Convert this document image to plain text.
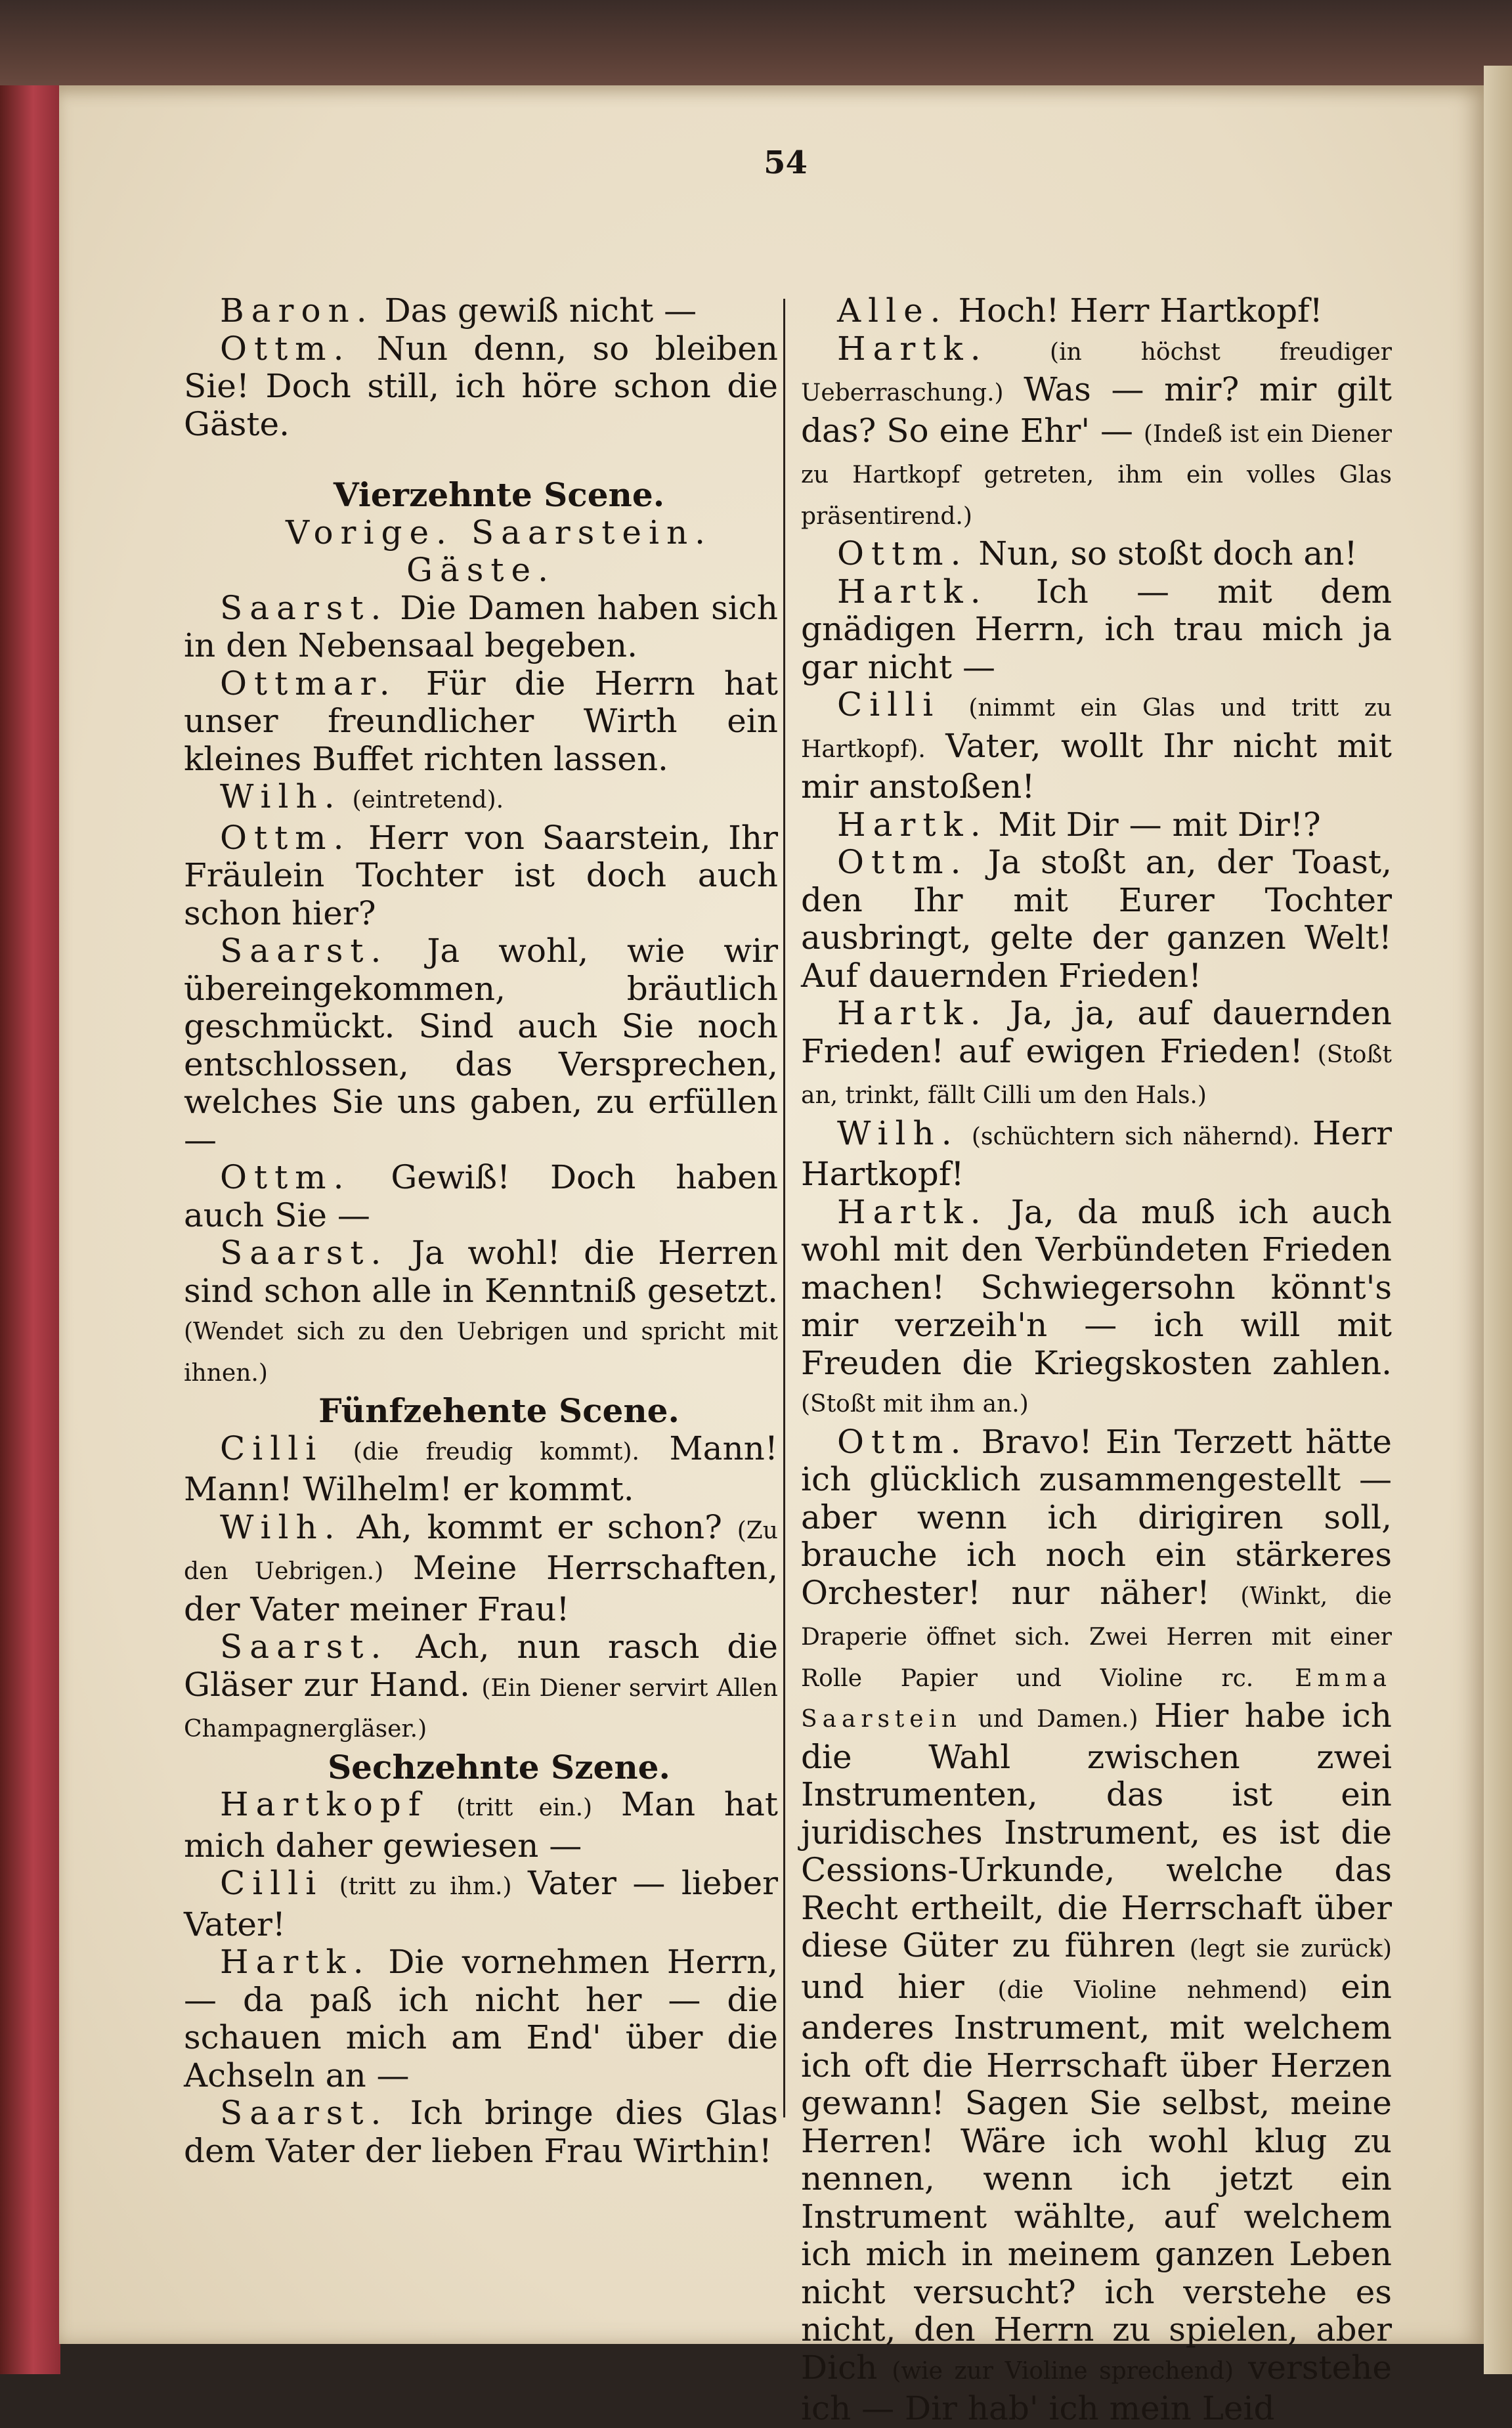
54

Baron. Das gewiß nicht —

Ottm. Nun denn, so bleiben Sie! Doch still, ich höre schon die Gäste.

Vierzehnte Scene.

Vorige. Saarstein. Gäste.

Saarst. Die Damen haben sich in den Nebensaal begeben.

Ottmar. Für die Herrn hat unser freundlicher Wirth ein kleines Buffet richten lassen.

Wilh. (eintretend).

Ottm. Herr von Saarstein, Ihr Fräulein Tochter ist doch auch schon hier?

Saarst. Ja wohl, wie wir übereingekommen, bräutlich geschmückt. Sind auch Sie noch entschlossen, das Versprechen, welches Sie uns gaben, zu erfüllen —

Ottm. Gewiß! Doch haben auch Sie —

Saarst. Ja wohl! die Herren sind schon alle in Kenntniß gesetzt. (Wendet sich zu den Uebrigen und spricht mit ihnen.)

Fünfzehente Scene.

Cilli (die freudig kommt). Mann! Mann! Wilhelm! er kommt.

Wilh. Ah, kommt er schon? (Zu den Uebrigen.) Meine Herrschaften, der Vater meiner Frau!

Saarst. Ach, nun rasch die Gläser zur Hand. (Ein Diener servirt Allen Champagnergläser.)

Sechzehnte Szene.

Hartkopf (tritt ein.) Man hat mich daher gewiesen —

Cilli (tritt zu ihm.) Vater — lieber Vater!

Hartk. Die vornehmen Herrn, — da paß ich nicht her — die schauen mich am End' über die Achseln an —

Saarst. Ich bringe dies Glas dem Vater der lieben Frau Wirthin!

Alle. Hoch! Herr Hartkopf!

Hartk.	(in höchst freudiger Ueberraschung.) Was — mir? mir gilt das? So eine Ehr' — (Indeß ist ein Diener zu Hartkopf getreten, ihm ein volles Glas präsentirend.)

Ottm. Nun, so stoßt doch an!

Hartk. Ich — mit dem gnädigen Herrn, ich trau mich ja gar nicht —

Cilli (nimmt ein Glas und tritt zu Hartkopf). Vater, wollt Ihr nicht mit mir anstoßen!

Hartk. Mit Dir — mit Dir!?

Ottm. Ja stoßt an, der Toast, den Ihr mit Eurer Tochter ausbringt, gelte der ganzen Welt! Auf dauernden Frieden!

Hartk. Ja, ja, auf dauernden Frieden! auf ewigen Frieden! (Stoßt an, trinkt, fällt Cilli um den Hals.)

Wilh. (schüchtern sich nähernd). Herr Hartkopf!

Hartk. Ja, da muß ich auch wohl mit den Verbündeten Frieden machen! Schwiegersohn könnt's mir verzeih'n — ich will mit Freuden die Kriegskosten zahlen. (Stoßt mit ihm an.)

Ottm. Bravo! Ein Terzett hätte ich glücklich zusammengestellt — aber wenn ich dirigiren soll, brauche ich noch ein stärkeres Orchester! nur näher! (Winkt, die Draperie öffnet sich. Zwei Herren mit einer Rolle Papier und Violine rc. Emma Saarstein und Damen.) Hier habe ich die Wahl zwischen zwei Instrumenten, das ist ein juridisches Instrument, es ist die Cessions-Urkunde, welche das Recht ertheilt, die Herrschaft über diese Güter zu führen (legt sie zurück) und hier (die Violine nehmend) ein anderes Instrument, mit welchem ich oft die Herrschaft über Herzen gewann! Sagen Sie selbst, meine Herren! Wäre ich wohl klug zu nennen, wenn ich jetzt ein Instrument wählte, auf welchem ich mich in meinem ganzen Leben nicht versucht? ich verstehe es nicht, den Herrn zu spielen, aber Dich (wie zur Violine sprechend) verstehe ich — Dir hab' ich mein Leid
